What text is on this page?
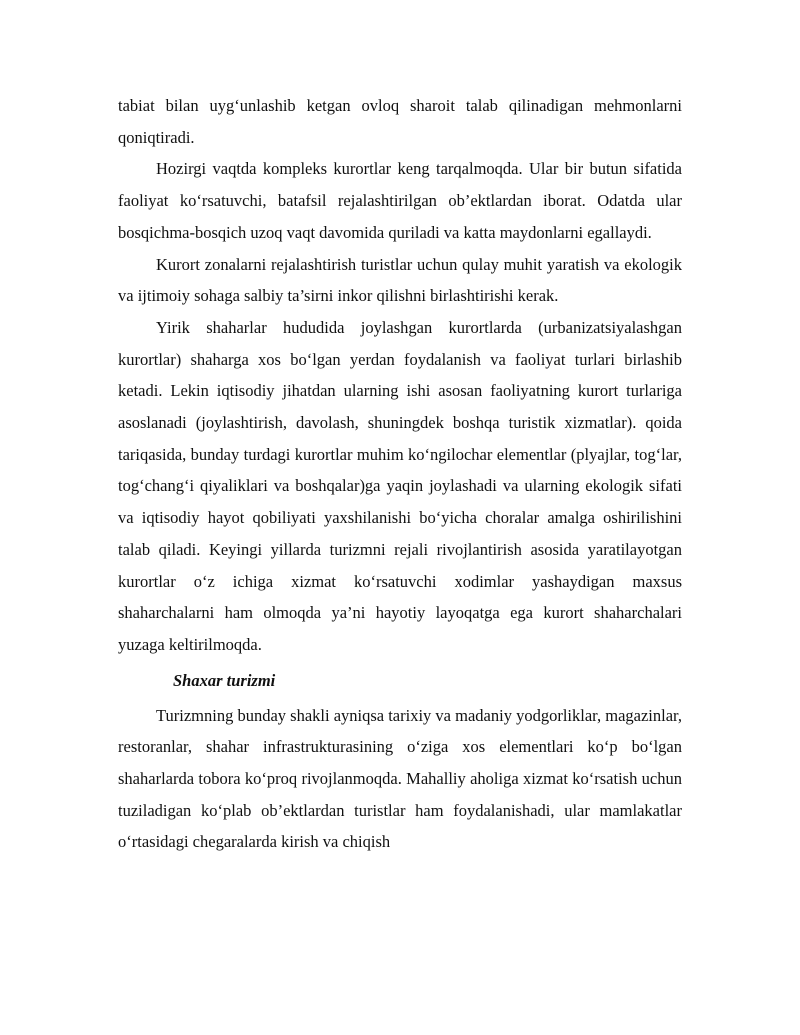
tabiat bilan uyg‘unlashib ketgan ovloq sharoit talab qilinadigan mehmonlarni qoniqtiradi.

Hozirgi vaqtda kompleks kurortlar keng tarqalmoqda. Ular bir butun sifatida faoliyat ko‘rsatuvchi, batafsil rejalashtirilgan ob’ektlardan iborat. Odatda ular bosqichma-bosqich uzoq vaqt davomida quriladi va katta maydonlarni egallaydi.

Kurort zonalarni rejalashtirish turistlar uchun qulay muhit yaratish va ekologik va ijtimoiy sohaga salbiy ta’sirni inkor qilishni birlashtirishi kerak.

Yirik shaharlar hududida joylashgan kurortlarda (urbanizatsiyalashgan kurortlar) shaharga xos bo‘lgan yerdan foydalanish va faoliyat turlari birlashib ketadi. Lekin iqtisodiy jihatdan ularning ishi asosan faoliyatning kurort turlariga asoslanadi (joylashtirish, davolash, shuningdek boshqa turistik xizmatlar). qoida tariqasida, bunday turdagi kurortlar muhim ko‘ngilochar elementlar (plyajlar, tog‘lar, tog‘chang‘i qiyaliklari va boshqalar)ga yaqin joylashadi va ularning ekologik sifati va iqtisodiy hayot qobiliyati yaxshilanishi bo‘yicha choralar amalga oshirilishini talab qiladi. Keyingi yillarda turizmni rejali rivojlantirish asosida yaratilayotgan kurortlar o‘z ichiga xizmat ko‘rsatuvchi xodimlar yashaydigan maxsus shaharchalarni ham olmoqda ya’ni hayotiy layoqatga ega kurort shaharchalari yuzaga keltirilmoqda.

Shaxar turizmi

Turizmning bunday shakli ayniqsa tarixiy va madaniy yodgorliklar, magazinlar, restoranlar, shahar infrastrukturasining o‘ziga xos elementlari ko‘p bo‘lgan shaharlarda tobora ko‘proq rivojlanmoqda. Mahalliy aholiga xizmat ko‘rsatish uchun tuziladigan ko‘plab ob’ektlardan turistlar ham foydalanishadi, ular mamlakatlar o‘rtasidagi chegaralarda kirish va chiqish
